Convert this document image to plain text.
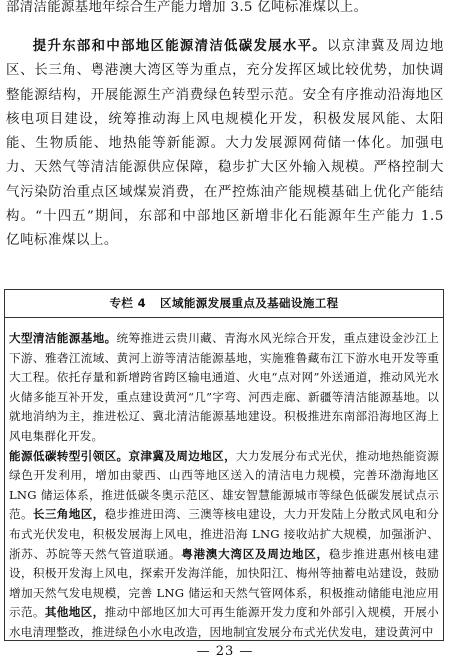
部清洁能源基地年综合生产能力增加 3.5 亿吨标准煤以上。
提升东部和中部地区能源清洁低碳发展水平。以京津冀及周边地区、长三角、粤港澳大湾区等为重点，充分发挥区域比较优势，加快调整能源结构，开展能源生产消费绿色转型示范。安全有序推动沿海地区核电项目建设，统筹推动海上风电规模化开发，积极发展风能、太阳能、生物质能、地热能等新能源。大力发展源网荷储一体化。加强电力、天然气等清洁能源供应保障，稳步扩大区外输入规模。严格控制大气污染防治重点区域煤炭消费，在严控炼油产能规模基础上优化产能结构。“十四五”期间，东部和中部地区新增非化石能源年生产能力 1.5 亿吨标准煤以上。
专栏 4 区域能源发展重点及基础设施工程

大型清洁能源基地。统筹推进云贵川藏、青海水风光综合开发，重点建设金沙江上下游、雅砻江流域、黄河上游等清洁能源基地，实施雅鲁藏布江下游水电开发等重大工程。依托存量和新增跨省跨区输电通道、火电“点对网”外送通道，推动风光水火储多能互补开发，重点建设黄河“几”字弯、河西走廊、新疆等清洁能源基地。以就地消纳为主，推进松辽、冀北清洁能源基地建设。积极推进东南部沿海地区海上风电集群化开发。

能源低碳转型引领区。京津冀及周边地区，大力发展分布式光伏，推动地热能资源绿色开发利用，增加由蒙西、山西等地区送入的清洁电力规模，完善环渤海地区 LNG 储运体系，推进低碳冬奥示范区、雄安智慧能源城市等绿色低碳发展试点示范。长三角地区，稳步推进田湾、三澳等核电建设，大力开发陆上分散式风电和分布式光伏发电，积极发展海上风电，推进沿海 LNG 接收站扩大规模，加强浙沪、浙苏、苏皖等天然气管道联通。粤港澳大湾区及周边地区，稳步推进惠州核电建设，积极开发海上风电，探索开发海洋能，加快阳江、梅州等抽蓄电站建设，鼓励增加天然气发电规模，完善 LNG 储运和天然气管网体系，积极推动储能电池应用示范。其他地区，推动中部地区加大可再生能源开发力度和外部引入规模，开展小水电清理整改，推进绿色小水电改造，因地制宜发展分布式光伏发电，建设黄河中

— 23 —
